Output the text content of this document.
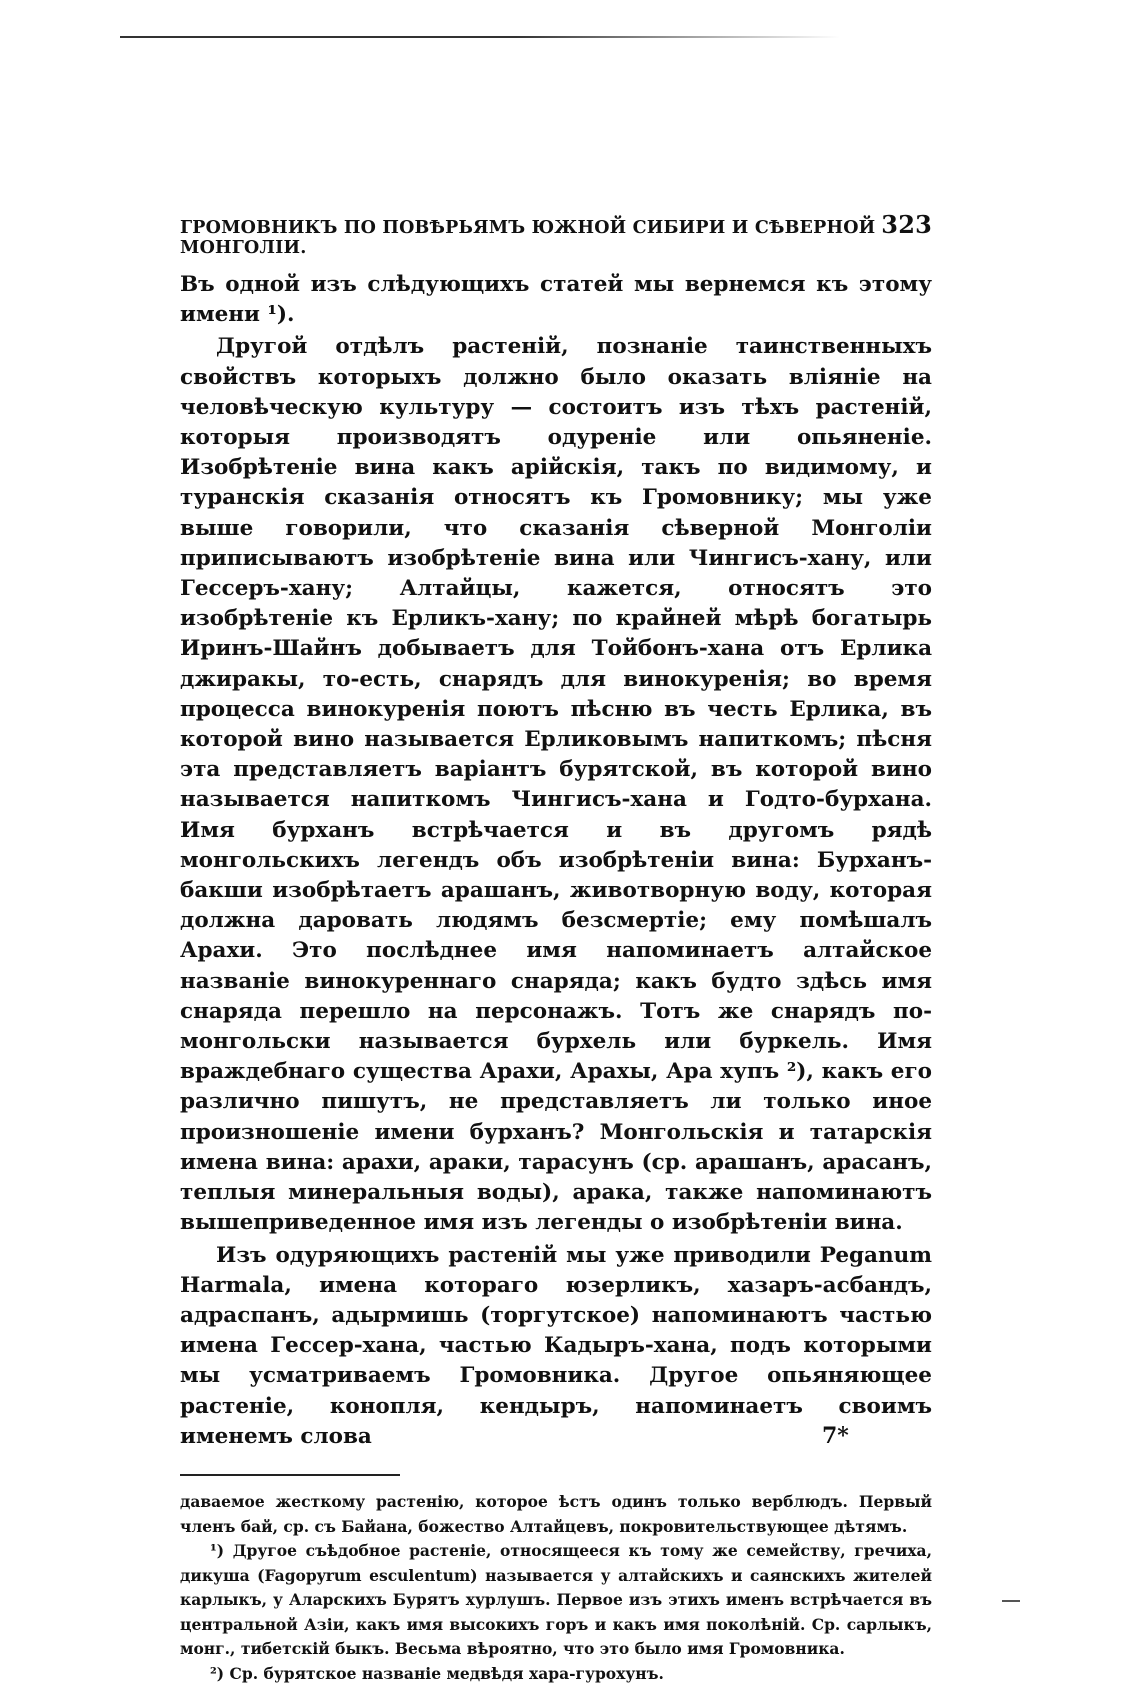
ГРОМОВНИКЪ ПО ПОВѢРЬЯМЪ ЮЖНОЙ СИБИРИ И СѢВЕРНОЙ МОНГОЛІИ.
323

Въ одной изъ слѣдующихъ статей мы вернемся къ этому имени ¹).

Другой отдѣлъ растеній, познаніе таинственныхъ свойствъ которыхъ должно было оказать вліяніе на человѣческую культуру — состоитъ изъ тѣхъ растеній, которыя производятъ одуреніе или опьяненіе. Изобрѣтеніе вина какъ арійскія, такъ по видимому, и туранскія сказанія относятъ къ Громовнику; мы уже выше говорили, что сказанія сѣверной Монголіи приписываютъ изобрѣтеніе вина или Чингисъ-хану, или Гессеръ-хану; Алтайцы, кажется, относятъ это изобрѣтеніе къ Ерликъ-хану; по крайней мѣрѣ богатырь Иринъ-Шайнъ добываетъ для Тойбонъ-хана отъ Ерлика джиракы, то-есть, снарядъ для винокуренія; во время процесса винокуренія поютъ пѣсню въ честь Ерлика, въ которой вино называется Ерликовымъ напиткомъ; пѣсня эта представляетъ варіантъ бурятской, въ которой вино называется напиткомъ Чингисъ-хана и Годто-бурхана. Имя бурханъ встрѣчается и въ другомъ рядѣ монгольскихъ легендъ объ изобрѣтеніи вина: Бурханъ-бакши изобрѣтаетъ арашанъ, животворную воду, которая должна даровать людямъ безсмертіе; ему помѣшалъ Арахи. Это послѣднее имя напоминаетъ алтайское названіе винокуреннаго снаряда; какъ будто здѣсь имя снаряда перешло на персонажъ. Тотъ же снарядъ по-монгольски называется бурхель или буркель. Имя враждебнаго существа Арахи, Арахы, Ара хупъ ²), какъ его различно пишутъ, не представляетъ ли только иное произношеніе имени бурханъ? Монгольскія и татарскія имена вина: арахи, араки, тарасунъ (ср. арашанъ, арасанъ, теплыя минеральныя воды), арака, также напоминаютъ вышеприведенное имя изъ легенды о изобрѣтеніи вина.

Изъ одуряющихъ растеній мы уже приводили Peganum Harmala, имена котораго юзерликъ, хазаръ-асбандъ, адраспанъ, адырмишь (торгутское) напоминаютъ частью имена Гессер-хана, частью Кадыръ-хана, подъ которыми мы усматриваемъ Громовника. Другое опьяняющее растеніе, конопля, кендыръ, напоминаетъ своимъ именемъ слова

даваемое жесткому растенію, которое ѣстъ одинъ только верблюдъ. Первый членъ бай, ср. съ Байана, божество Алтайцевъ, покровительствующее дѣтямъ.

¹) Другое съѣдобное растеніе, относящееся къ тому же семейству, гречиха, дикуша (Fagopyrum esculentum) называется у алтайскихъ и саянскихъ жителей карлыкъ, у Аларскихъ Бурятъ хурлушъ. Первое изъ этихъ именъ встрѣчается въ центральной Азіи, какъ имя высокихъ горъ и какъ имя поколѣній. Ср. сарлыкъ, монг., тибетскій быкъ. Весьма вѣроятно, что это было имя Громовника.

²) Ср. бурятское названіе медвѣдя хара-гурохунъ.

7*
